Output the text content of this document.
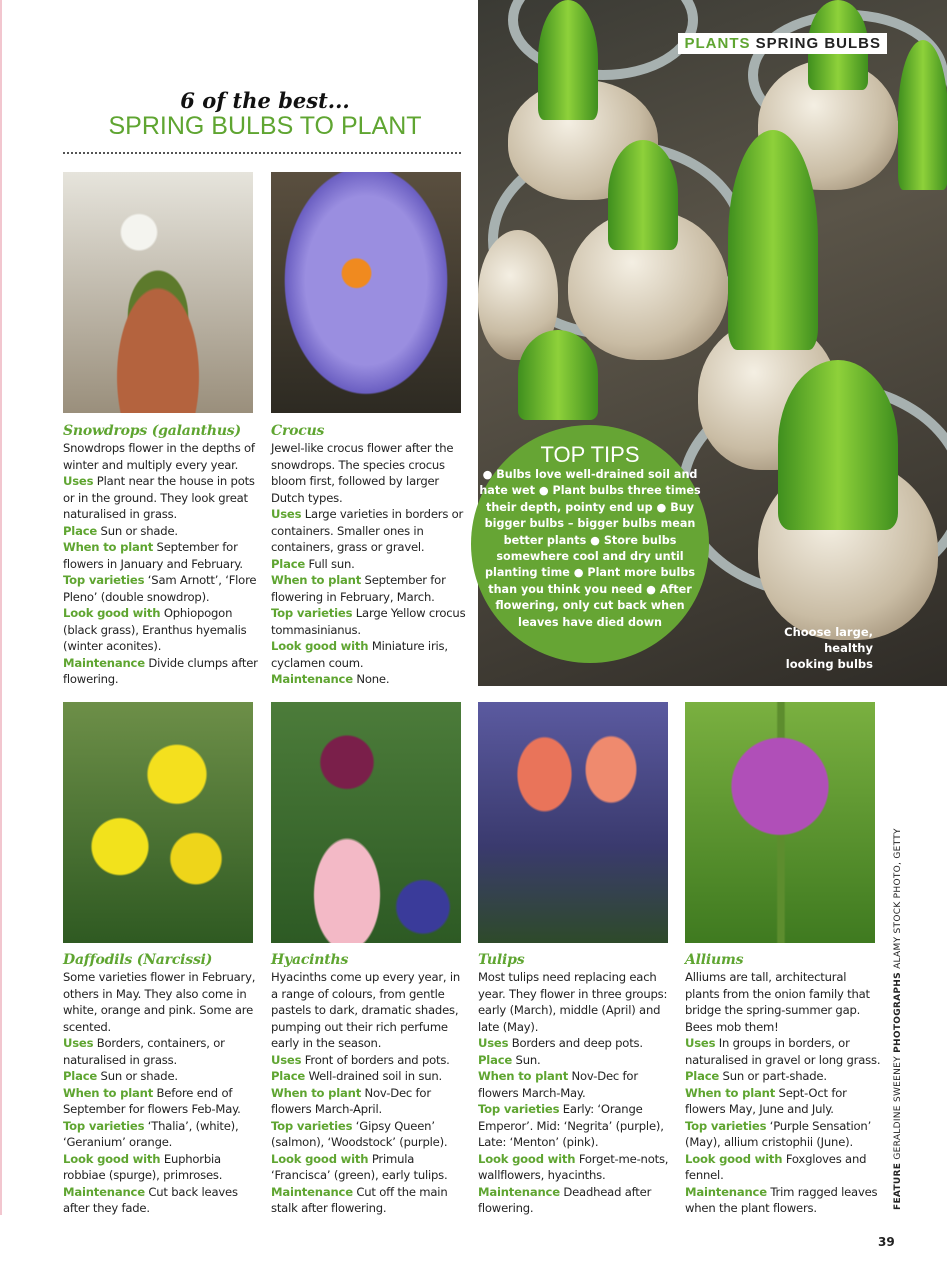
PLANTS SPRING BULBS
Choose large, healthy looking bulbs
6 of the best...
SPRING BULBS TO PLANT
TOP TIPS

● Bulbs love well-drained soil and hate wet ● Plant bulbs three times their depth, pointy end up ● Buy bigger bulbs – bigger bulbs mean better plants ● Store bulbs somewhere cool and dry until planting time ● Plant more bulbs than you think you need ● After flowering, only cut back when leaves have died down

Snowdrops (galanthus)
Snowdrops flower in the depths of winter and multiply every year.
Uses Plant near the house in pots or in the ground. They look great naturalised in grass.
Place Sun or shade.
When to plant September for flowers in January and February.
Top varieties ‘Sam Arnott’, ‘Flore Pleno’ (double snowdrop).
Look good with Ophiopogon (black grass), Eranthus hyemalis (winter aconites).
Maintenance Divide clumps after flowering.
Crocus
Jewel-like crocus flower after the snowdrops. The species crocus bloom first, followed by larger Dutch types.
Uses Large varieties in borders or containers. Smaller ones in containers, grass or gravel.
Place Full sun.
When to plant September for flowering in February, March.
Top varieties Large Yellow crocus tommasinianus.
Look good with Miniature iris, cyclamen coum.
Maintenance None.
Daffodils (Narcissi)
Some varieties flower in February, others in May. They also come in white, orange and pink. Some are scented.
Uses Borders, containers, or naturalised in grass.
Place Sun or shade.
When to plant Before end of September for flowers Feb-May.
Top varieties ‘Thalia’, (white), ‘Geranium’ orange.
Look good with Euphorbia robbiae (spurge), primroses.
Maintenance Cut back leaves after they fade.
Hyacinths
Hyacinths come up every year, in a range of colours, from gentle pastels to dark, dramatic shades, pumping out their rich perfume early in the season.
Uses Front of borders and pots.
Place Well-drained soil in sun.
When to plant Nov-Dec for flowers March-April.
Top varieties ‘Gipsy Queen’ (salmon), ‘Woodstock’ (purple).
Look good with Primula ‘Francisca’ (green), early tulips.
Maintenance Cut off the main stalk after flowering.
Tulips
Most tulips need replacing each year. They flower in three groups: early (March), middle (April) and late (May).
Uses Borders and deep pots.
Place Sun.
When to plant Nov-Dec for flowers March-May.
Top varieties Early: ‘Orange Emperor’. Mid: ‘Negrita’ (purple), Late: ‘Menton’ (pink).
Look good with Forget-me-nots, wallflowers, hyacinths.
Maintenance Deadhead after flowering.
Alliums
Alliums are tall, architectural plants from the onion family that bridge the spring-summer gap. Bees mob them!
Uses In groups in borders, or naturalised in gravel or long grass.
Place Sun or part-shade.
When to plant Sept-Oct for flowers May, June and July.
Top varieties ‘Purple Sensation’ (May), allium cristophii (June).
Look good with Foxgloves and fennel.
Maintenance Trim ragged leaves when the plant flowers.	FEATURE GERALDINE SWEENEY PHOTOGRAPHS ALAMY STOCK PHOTO, GETTY
39
